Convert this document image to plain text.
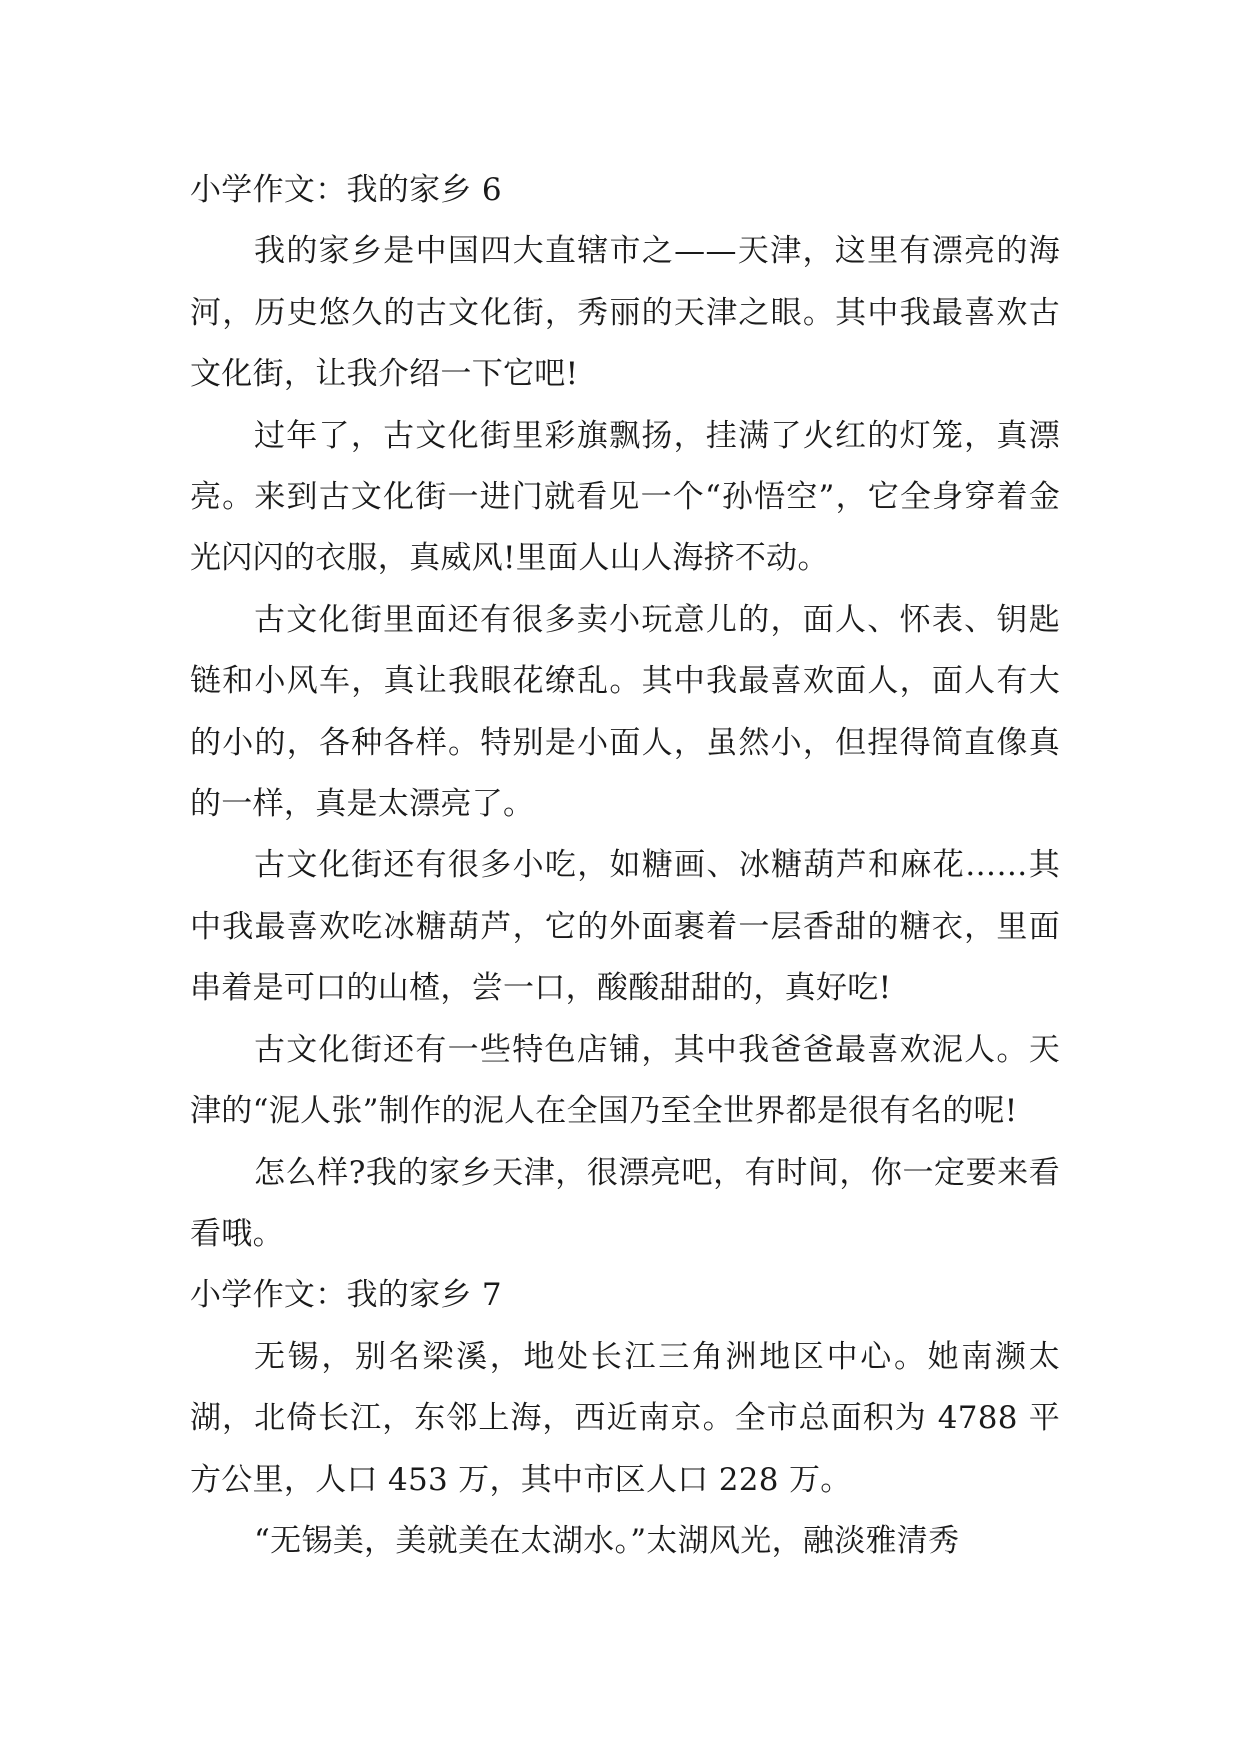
小学作文：我的家乡 6

我的家乡是中国四大直辖市之——天津，这里有漂亮的海河，历史悠久的古文化街，秀丽的天津之眼。其中我最喜欢古文化街，让我介绍一下它吧!

过年了，古文化街里彩旗飘扬，挂满了火红的灯笼，真漂亮。来到古文化街一进门就看见一个“孙悟空”，它全身穿着金光闪闪的衣服，真威风!里面人山人海挤不动。

古文化街里面还有很多卖小玩意儿的，面人、怀表、钥匙链和小风车，真让我眼花缭乱。其中我最喜欢面人，面人有大的小的，各种各样。特别是小面人，虽然小，但捏得简直像真的一样，真是太漂亮了。

古文化街还有很多小吃，如糖画、冰糖葫芦和麻花……其中我最喜欢吃冰糖葫芦，它的外面裹着一层香甜的糖衣，里面串着是可口的山楂，尝一口，酸酸甜甜的，真好吃!

古文化街还有一些特色店铺，其中我爸爸最喜欢泥人。天津的“泥人张”制作的泥人在全国乃至全世界都是很有名的呢!

怎么样?我的家乡天津，很漂亮吧，有时间，你一定要来看看哦。

小学作文：我的家乡 7

无锡，别名梁溪，地处长江三角洲地区中心。她南濒太湖，北倚长江，东邻上海，西近南京。全市总面积为 4788 平方公里，人口 453 万，其中市区人口 228 万。

“无锡美，美就美在太湖水。”太湖风光，融淡雅清秀
